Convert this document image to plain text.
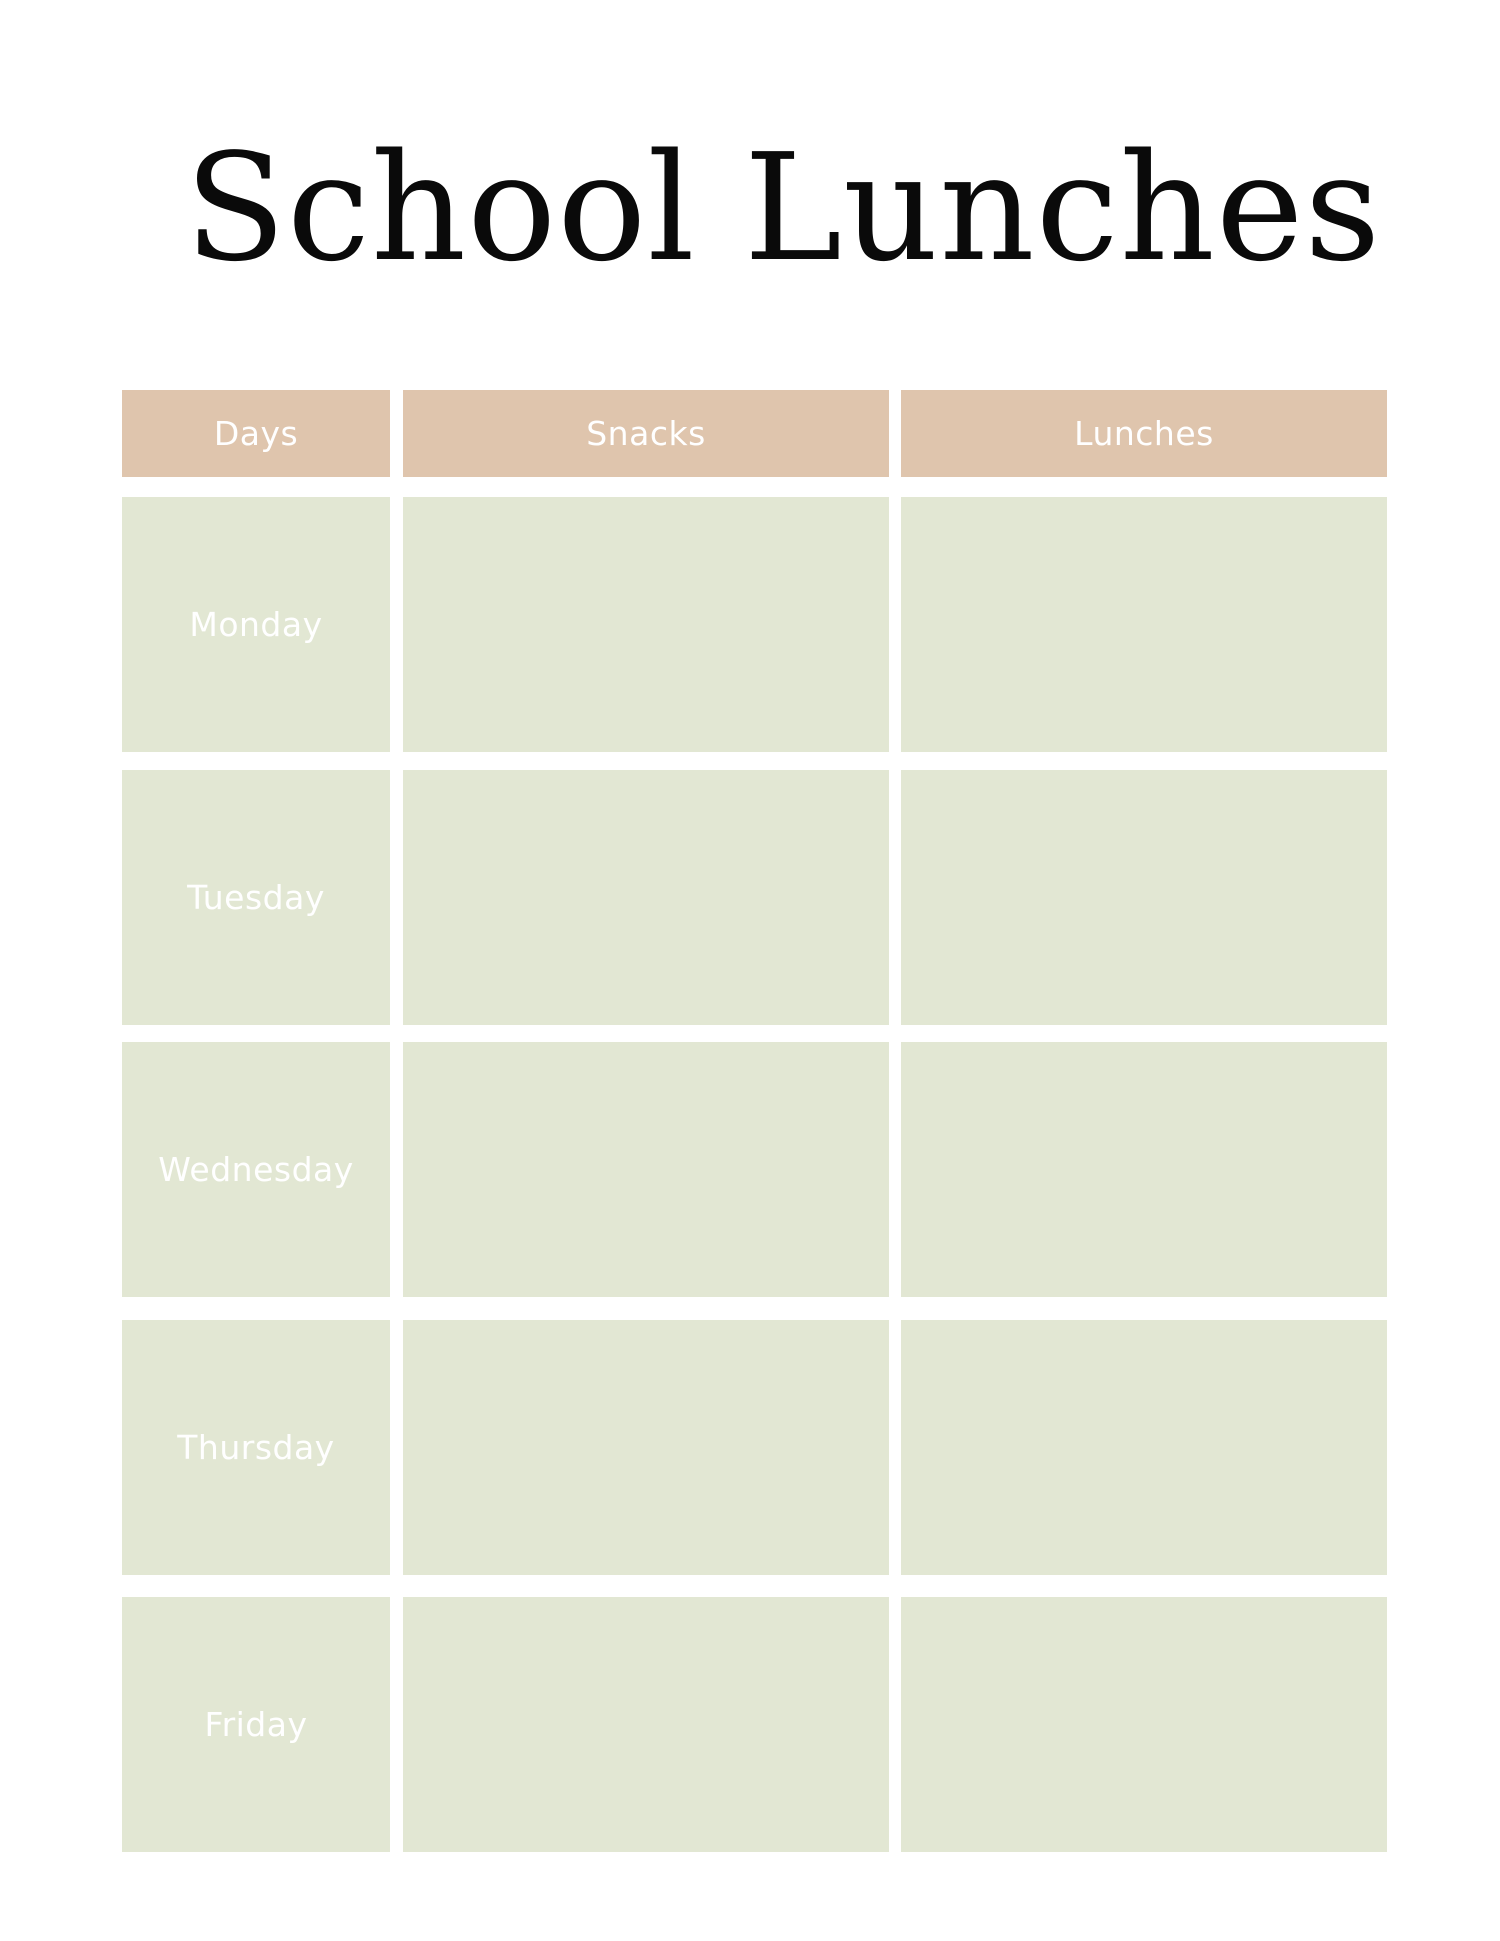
School Lunches
Days	Snacks	Lunches
Monday
Tuesday
Wednesday
Thursday
Friday
